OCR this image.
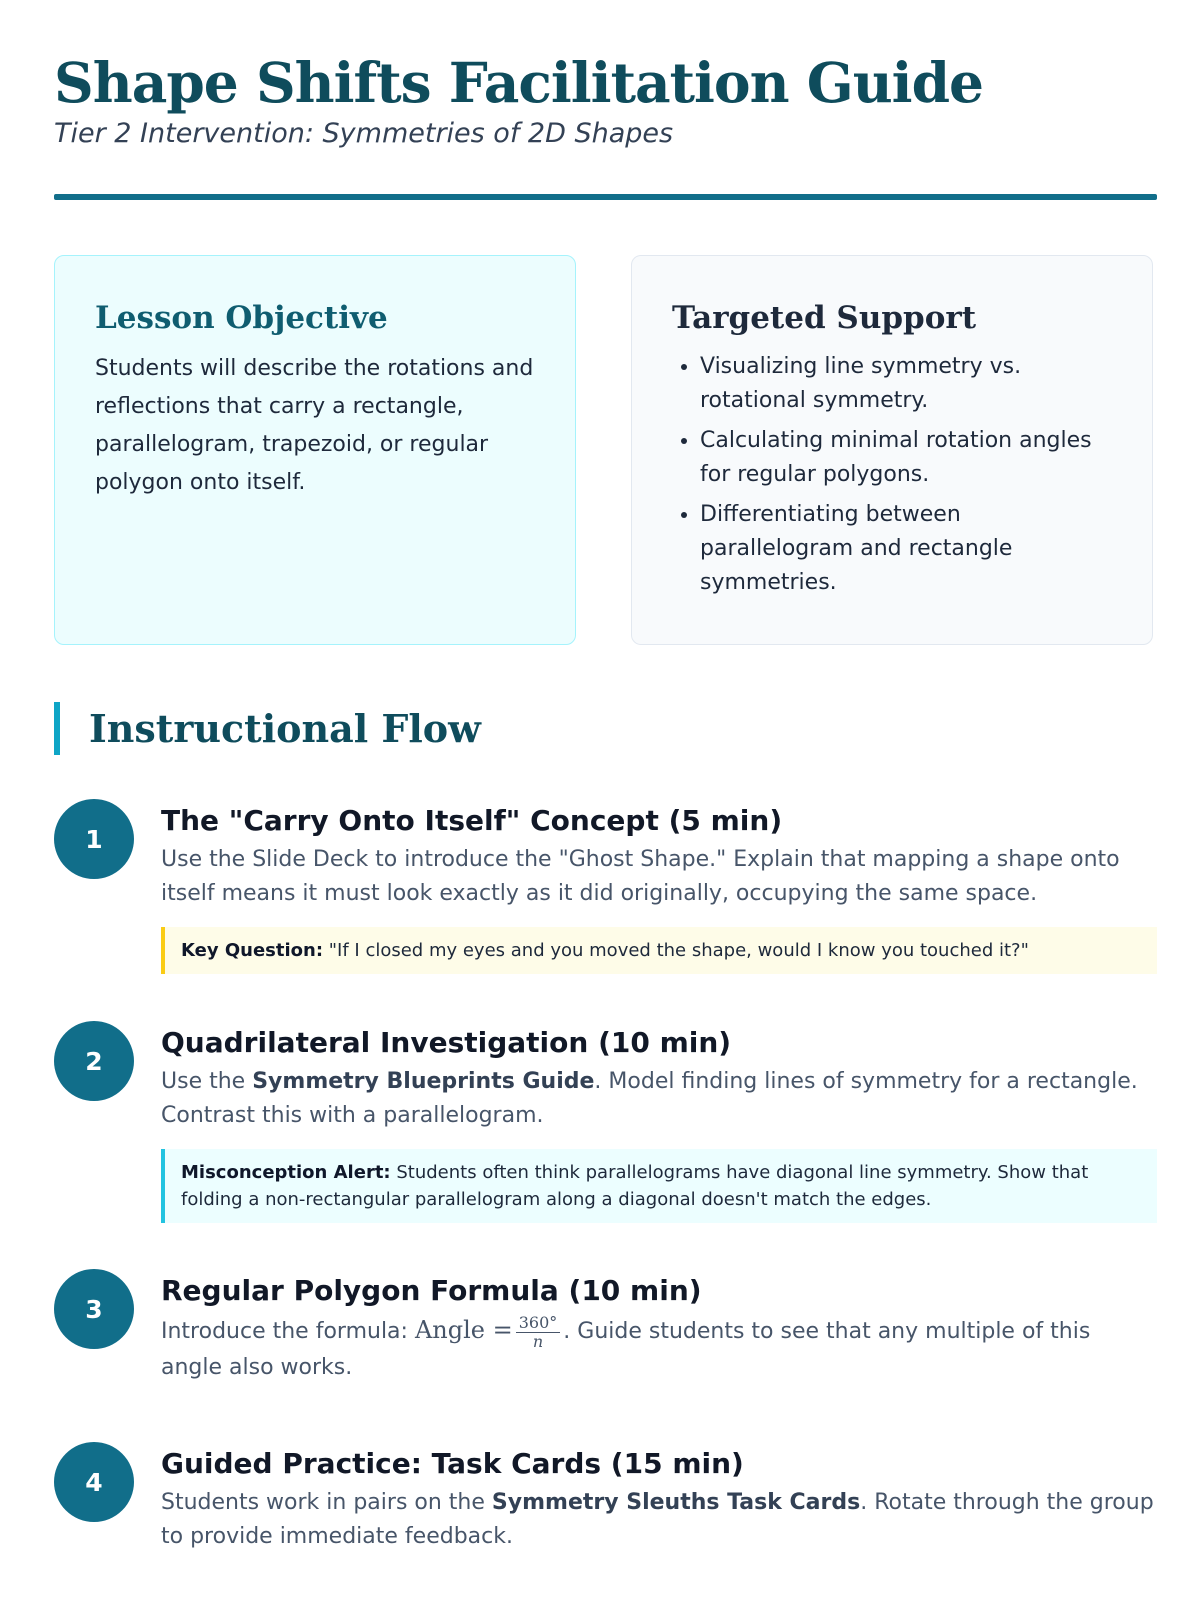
Shape Shifts Facilitation Guide
Tier 2 Intervention: Symmetries of 2D Shapes
Lesson Objective

Students will describe the rotations and reflections that carry a rectangle, parallelogram, trapezoid, or regular polygon onto itself.

Targeted Support
• Visualizing line symmetry vs. rotational symmetry.
• Calculating minimal rotation angles for regular polygons.
• Differentiating between parallelogram and rectangle symmetries.
Instructional Flow
1
The "Carry Onto Itself" Concept (5 min)

Use the Slide Deck to introduce the "Ghost Shape." Explain that mapping a shape onto itself means it must look exactly as it did originally, occupying the same space.

Key Question: "If I closed my eyes and you moved the shape, would I know you touched it?"
2
Quadrilateral Investigation (10 min)

Use the Symmetry Blueprints Guide. Model finding lines of symmetry for a rectangle. Contrast this with a parallelogram.

Misconception Alert: Students often think parallelograms have diagonal line symmetry. Show that folding a non-rectangular parallelogram along a diagonal doesn't match the edges.
3
Regular Polygon Formula (10 min)

Introduce the formula: Angle = $\frac{360^\circ}{n}$ . Guide students to see that any multiple of this angle also works.

4
Guided Practice: Task Cards (15 min)

Students work in pairs on the Symmetry Sleuths Task Cards. Rotate through the group to provide immediate feedback.
